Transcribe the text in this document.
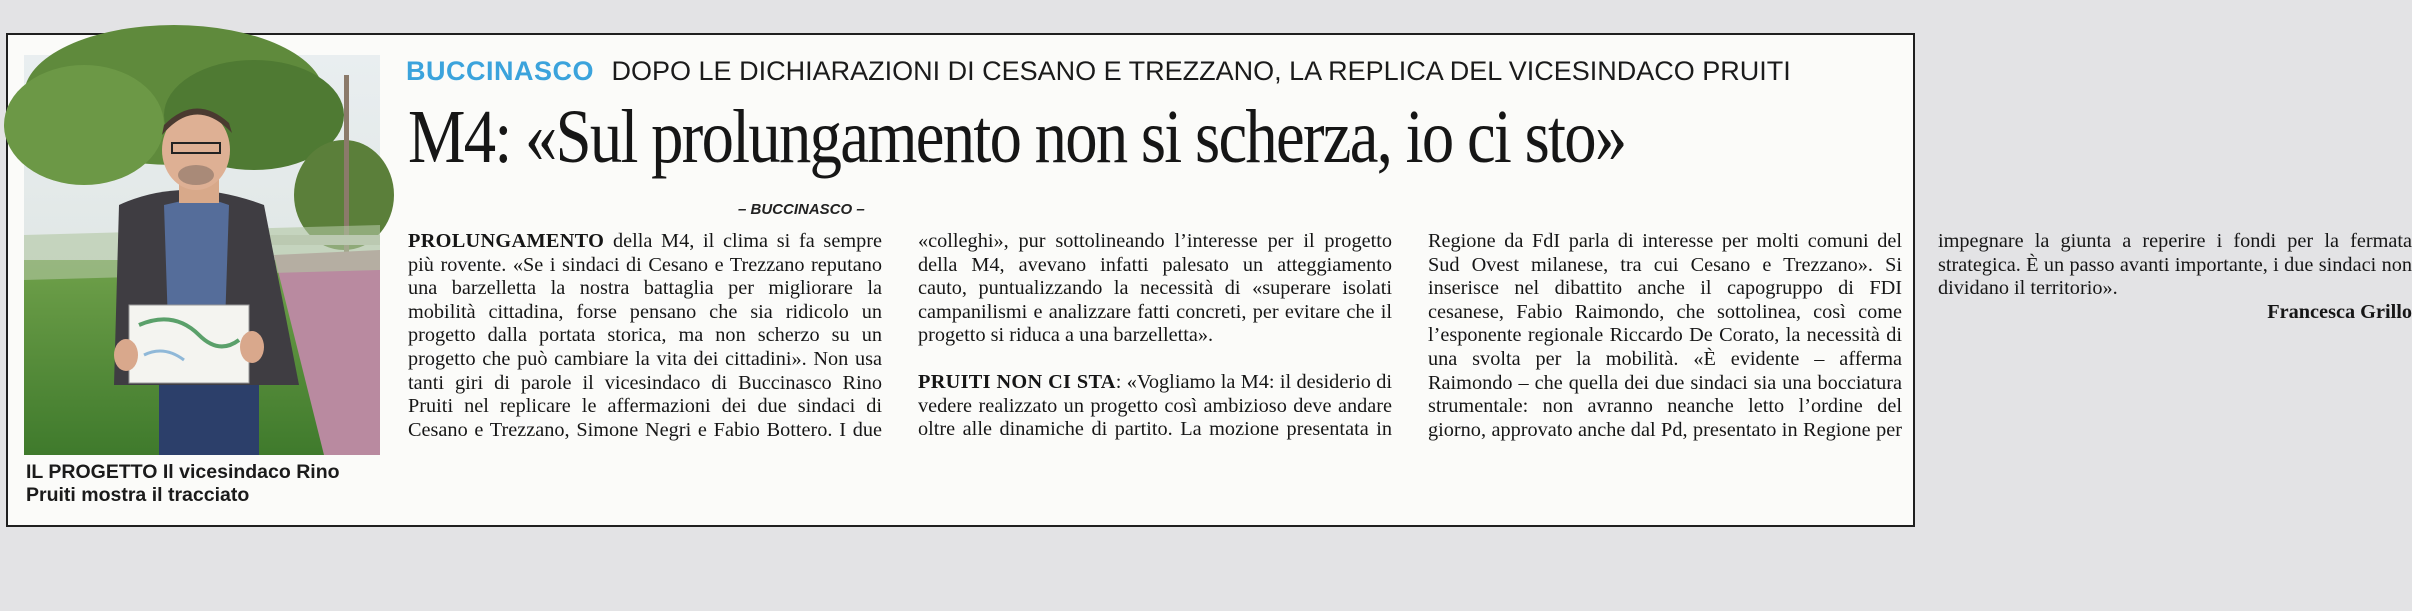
IL PROGETTO Il vicesindaco Rino Pruiti mostra il tracciato
BUCCINASCO DOPO LE DICHIARAZIONI DI CESANO E TREZZANO, LA REPLICA DEL VICESINDACO PRUITI
M4: «Sul prolungamento non si scherza, io ci sto»
– BUCCINASCO –

PROLUNGAMENTO della M4, il clima si fa sempre più rovente. «Se i sindaci di Cesano e Trezzano reputano una barzelletta la nostra battaglia per migliorare la mobilità cittadina, forse pensano che sia ridicolo un progetto dalla portata storica, ma non scherzo su un progetto che può cambiare la vita dei cittadini». Non usa tanti giri di parole il vicesindaco di Buccinasco Rino Pruiti nel replicare le affermazioni dei due sindaci di Cesano e Trezzano, Simone Negri e Fabio Bottero. I due «colleghi», pur sottolineando l’interesse per il progetto della M4, avevano infatti palesato un atteggiamento cauto, puntualizzando la necessità di «superare isolati campanilismi e analizzare fatti concreti, per evitare che il progetto si riduca a una barzelletta».

PRUITI NON CI STA: «Vogliamo la M4: il desiderio di vedere realizzato un progetto così ambizioso deve andare oltre alle dinamiche di partito. La mozione presentata in Regione da FdI parla di interesse per molti comuni del Sud Ovest milanese, tra cui Cesano e Trezzano». Si inserisce nel dibattito anche il capogruppo di FDI cesanese, Fabio Raimondo, che sottolinea, così come l’esponente regionale Riccardo De Corato, la necessità di una svolta per la mobilità. «È evidente – afferma Raimondo – che quella dei due sindaci sia una bocciatura strumentale: non avranno neanche letto l’ordine del giorno, approvato anche dal Pd, presentato in Regione per impegnare la giunta a reperire i fondi per la fermata strategica. È un passo avanti importante, i due sindaci non dividano il territorio».

Francesca Grillo
